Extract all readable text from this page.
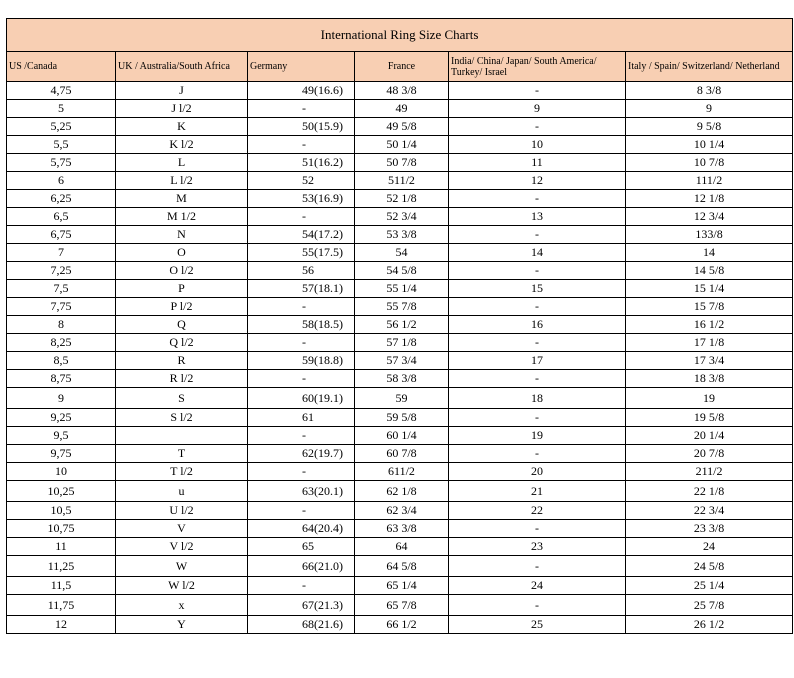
International Ring Size Charts					
US /Canada	UK / Australia/South Africa	Germany	France	India/ China/ Japan/ South America/ Turkey/ Israel	Italy / Spain/ Switzerland/ Netherland
4,75	J	49(16.6)	48 3/8	-	8 3/8
5	J l/2	-	49	9	9
5,25	K	50(15.9)	49 5/8	-	9 5/8
5,5	K l/2	-	50 1/4	10	10 1/4
5,75	L	51(16.2)	50 7/8	11	10 7/8
6	L l/2	52	511/2	12	111/2
6,25	M	53(16.9)	52 1/8	-	12 1/8
6,5	M 1/2	-	52 3/4	13	12 3/4
6,75	N	54(17.2)	53 3/8	-	133/8
7	O	55(17.5)	54	14	14
7,25	O l/2	56	54 5/8	-	14 5/8
7,5	P	57(18.1)	55 1/4	15	15 1/4
7,75	P l/2	-	55 7/8	-	15 7/8
8	Q	58(18.5)	56 1/2	16	16 1/2
8,25	Q l/2	-	57 1/8	-	17 1/8
8,5	R	59(18.8)	57 3/4	17	17 3/4
8,75	R l/2	-	58 3/8	-	18 3/8
9	S	60(19.1)	59	18	19
9,25	S l/2	61	59 5/8	-	19 5/8
9,5		-	60 1/4	19	20 1/4
9,75	T	62(19.7)	60 7/8	-	20 7/8
10	T l/2	-	611/2	20	211/2
10,25	u	63(20.1)	62 1/8	21	22 1/8
10,5	U l/2	-	62 3/4	22	22 3/4
10,75	V	64(20.4)	63 3/8	-	23 3/8
11	V l/2	65	64	23	24
11,25	W	66(21.0)	64 5/8	-	24 5/8
11,5	W l/2	-	65 1/4	24	25 1/4
11,75	x	67(21.3)	65 7/8	-	25 7/8
12	Y	68(21.6)	66 1/2	25	26 1/2
